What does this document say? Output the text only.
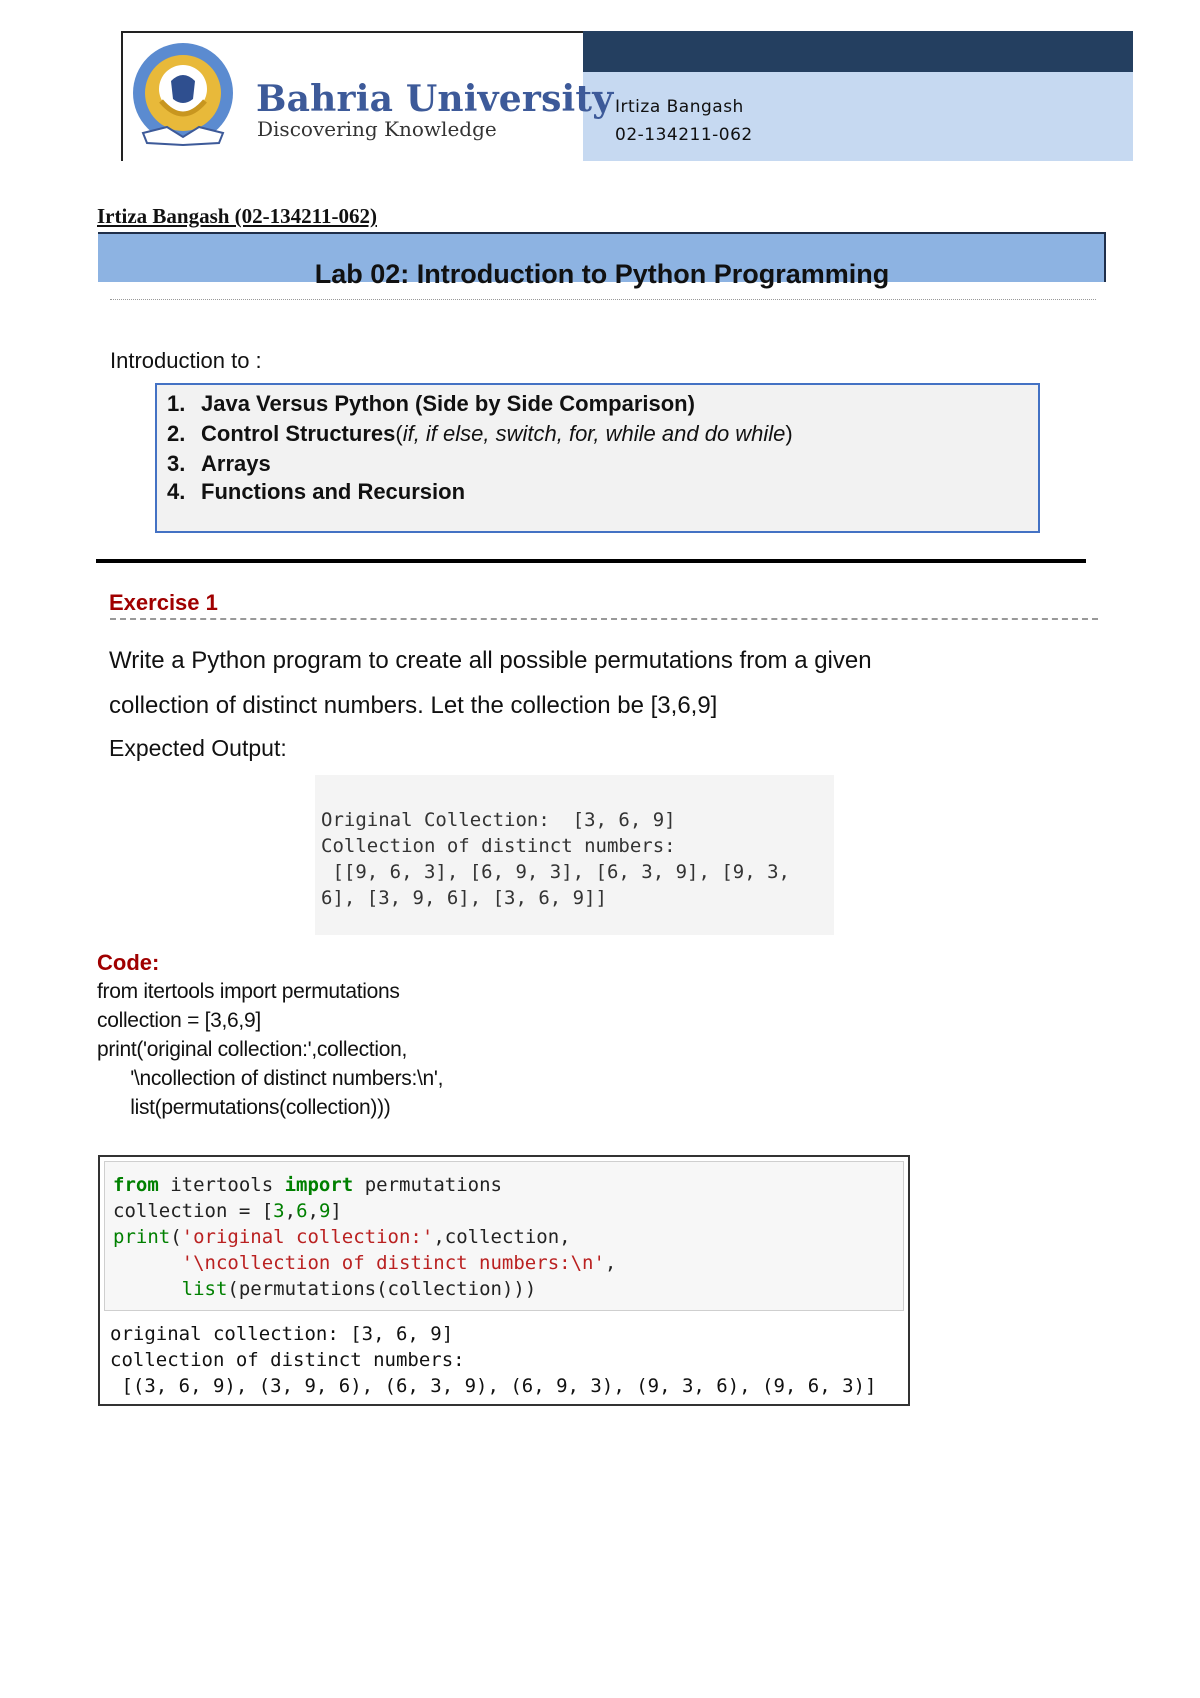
Irtiza Bangash
02-134211-062
Bahria University
Discovering Knowledge
Irtiza Bangash (02-134211-062)
Lab 02: Introduction to Python Programming
Introduction to :
1. Java Versus Python (Side by Side Comparison)
2. Control Structures(if, if else, switch, for, while and do while)
3. Arrays
4. Functions and Recursion
Exercise 1
Write a Python program to create all possible permutations from a given
collection of distinct numbers. Let the collection be [3,6,9]
Expected Output:
Original Collection:  [3, 6, 9]
Collection of distinct numbers:
[[9, 6, 3], [6, 9, 3], [6, 3, 9], [9, 3,
6], [3, 9, 6], [3, 6, 9]]
Code:
from itertools import permutations
collection = [3,6,9]
print('original collection:',collection,
'\ncollection of distinct numbers:\n',
list(permutations(collection)))
from itertools import permutations
collection = [3,6,9]
print('original collection:',collection,
'\ncollection of distinct numbers:\n',
list(permutations(collection)))
original collection: [3, 6, 9]
collection of distinct numbers:
[(3, 6, 9), (3, 9, 6), (6, 3, 9), (6, 9, 3), (9, 3, 6), (9, 6, 3)]
